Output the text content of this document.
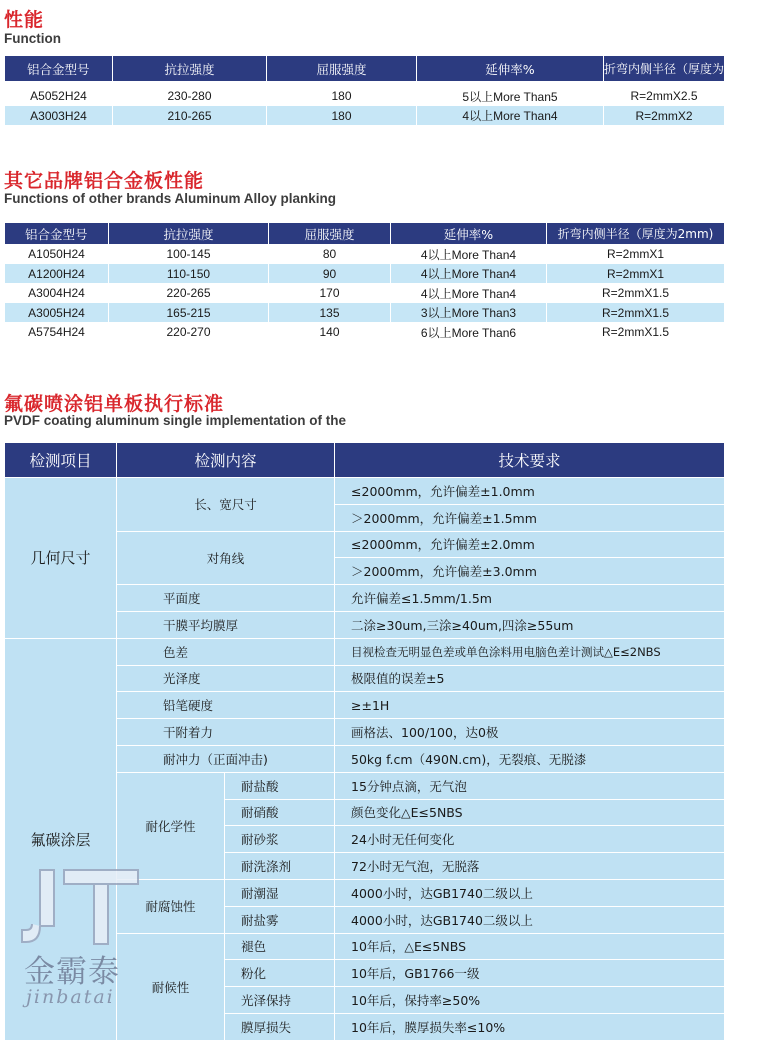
性能
Function
铝合金型号	抗拉强度	屈服强度	延伸率%	折弯内侧半径（厚度为2mm)

A5052H24	230-280	180	5以上More Than5	R=2mmX2.5
A3003H24	210-265	180	4以上More Than4	R=2mmX2
其它品牌铝合金板性能
Functions of other brands Aluminum Alloy planking
铝合金型号	抗拉强度	屈服强度	延伸率%	折弯内侧半径（厚度为2mm)
A1050H24	100-145	80	4以上More Than4	R=2mmX1
A1200H24	110-150	90	4以上More Than4	R=2mmX1
A3004H24	220-265	170	4以上More Than4	R=2mmX1.5
A3005H24	165-215	135	3以上More Than3	R=2mmX1.5
A5754H24	220-270	140	6以上More Than6	R=2mmX1.5
氟碳喷涂铝单板执行标准
PVDF coating aluminum single implementation of the
检测项目	检测内容		技术要求
几何尺寸	长、宽尺寸		≤2000mm，允许偏差±1.0mm
			＞2000mm，允许偏差±1.5mm
	对角线		≤2000mm，允许偏差±2.0mm
			＞2000mm，允许偏差±3.0mm
	平面度		允许偏差≤1.5mm/1.5m
	干膜平均膜厚		二涂≥30um,三涂≥40um,四涂≥55um
氟碳涂层	色差		目视检查无明显色差或单色涂料用电脑色差计测试△E≤2NBS
	光泽度		极限值的误差±5
	铅笔硬度		≥±1H
	干附着力		画格法、100/100，达0极
	耐冲力（正面冲击)		50kg f.cm（490N.cm)，无裂痕、无脱漆
	耐化学性	耐盐酸	15分钟点滴，无气泡
		耐硝酸	颜色变化△E≤5NBS
		耐砂浆	24小时无任何变化
		耐洗涤剂	72小时无气泡，无脱落
	耐腐蚀性	耐潮湿	4000小时，达GB1740二级以上
		耐盐雾	4000小时，达GB1740二级以上
	耐候性	褪色	10年后，△E≤5NBS
		粉化	10年后，GB1766一级
		光泽保持	10年后，保持率≥50%
		膜厚损失	10年后，膜厚损失率≤10%
金霸泰
jinbatai
